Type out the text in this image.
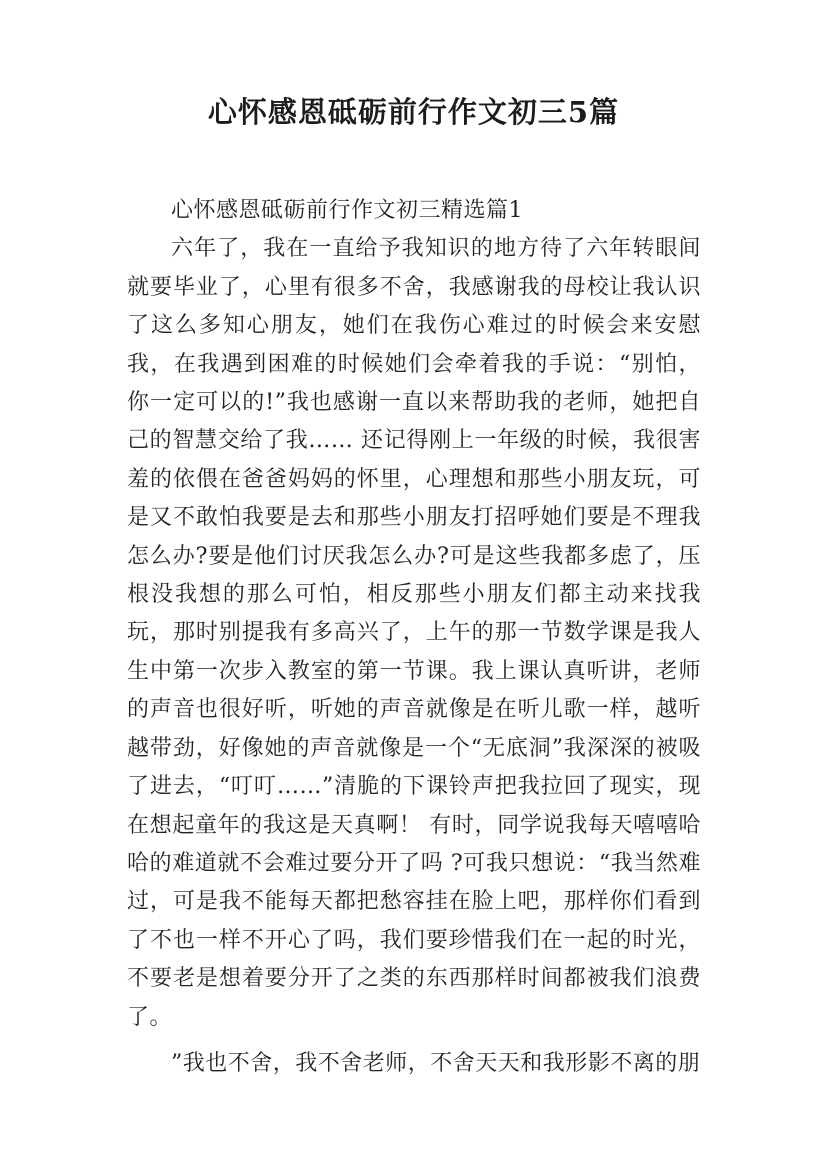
心怀感恩砥砺前行作文初三5篇

心怀感恩砥砺前行作文初三精选篇1

六年了，我在一直给予我知识的地方待了六年转眼间就要毕业了，心里有很多不舍，我感谢我的母校让我认识了这么多知心朋友，她们在我伤心难过的时候会来安慰我，在我遇到困难的时候她们会牵着我的手说：“别怕，你一定可以的!”我也感谢一直以来帮助我的老师，她把自己的智慧交给了我…… 还记得刚上一年级的时候，我很害羞的依偎在爸爸妈妈的怀里，心理想和那些小朋友玩，可是又不敢怕我要是去和那些小朋友打招呼她们要是不理我怎么办?要是他们讨厌我怎么办?可是这些我都多虑了，压根没我想的那么可怕，相反那些小朋友们都主动来找我玩，那时别提我有多高兴了，上午的那一节数学课是我人生中第一次步入教室的第一节课。我上课认真听讲，老师的声音也很好听，听她的声音就像是在听儿歌一样，越听越带劲，好像她的声音就像是一个“无底洞”我深深的被吸了进去，“叮叮……”清脆的下课铃声把我拉回了现实，现在想起童年的我这是天真啊！ 有时，同学说我每天嘻嘻哈哈的难道就不会难过要分开了吗 ?可我只想说：“我当然难过，可是我不能每天都把愁容挂在脸上吧，那样你们看到了不也一样不开心了吗，我们要珍惜我们在一起的时光，不要老是想着要分开了之类的东西那样时间都被我们浪费了。

”我也不舍，我不舍老师，不舍天天和我形影不离的朋
